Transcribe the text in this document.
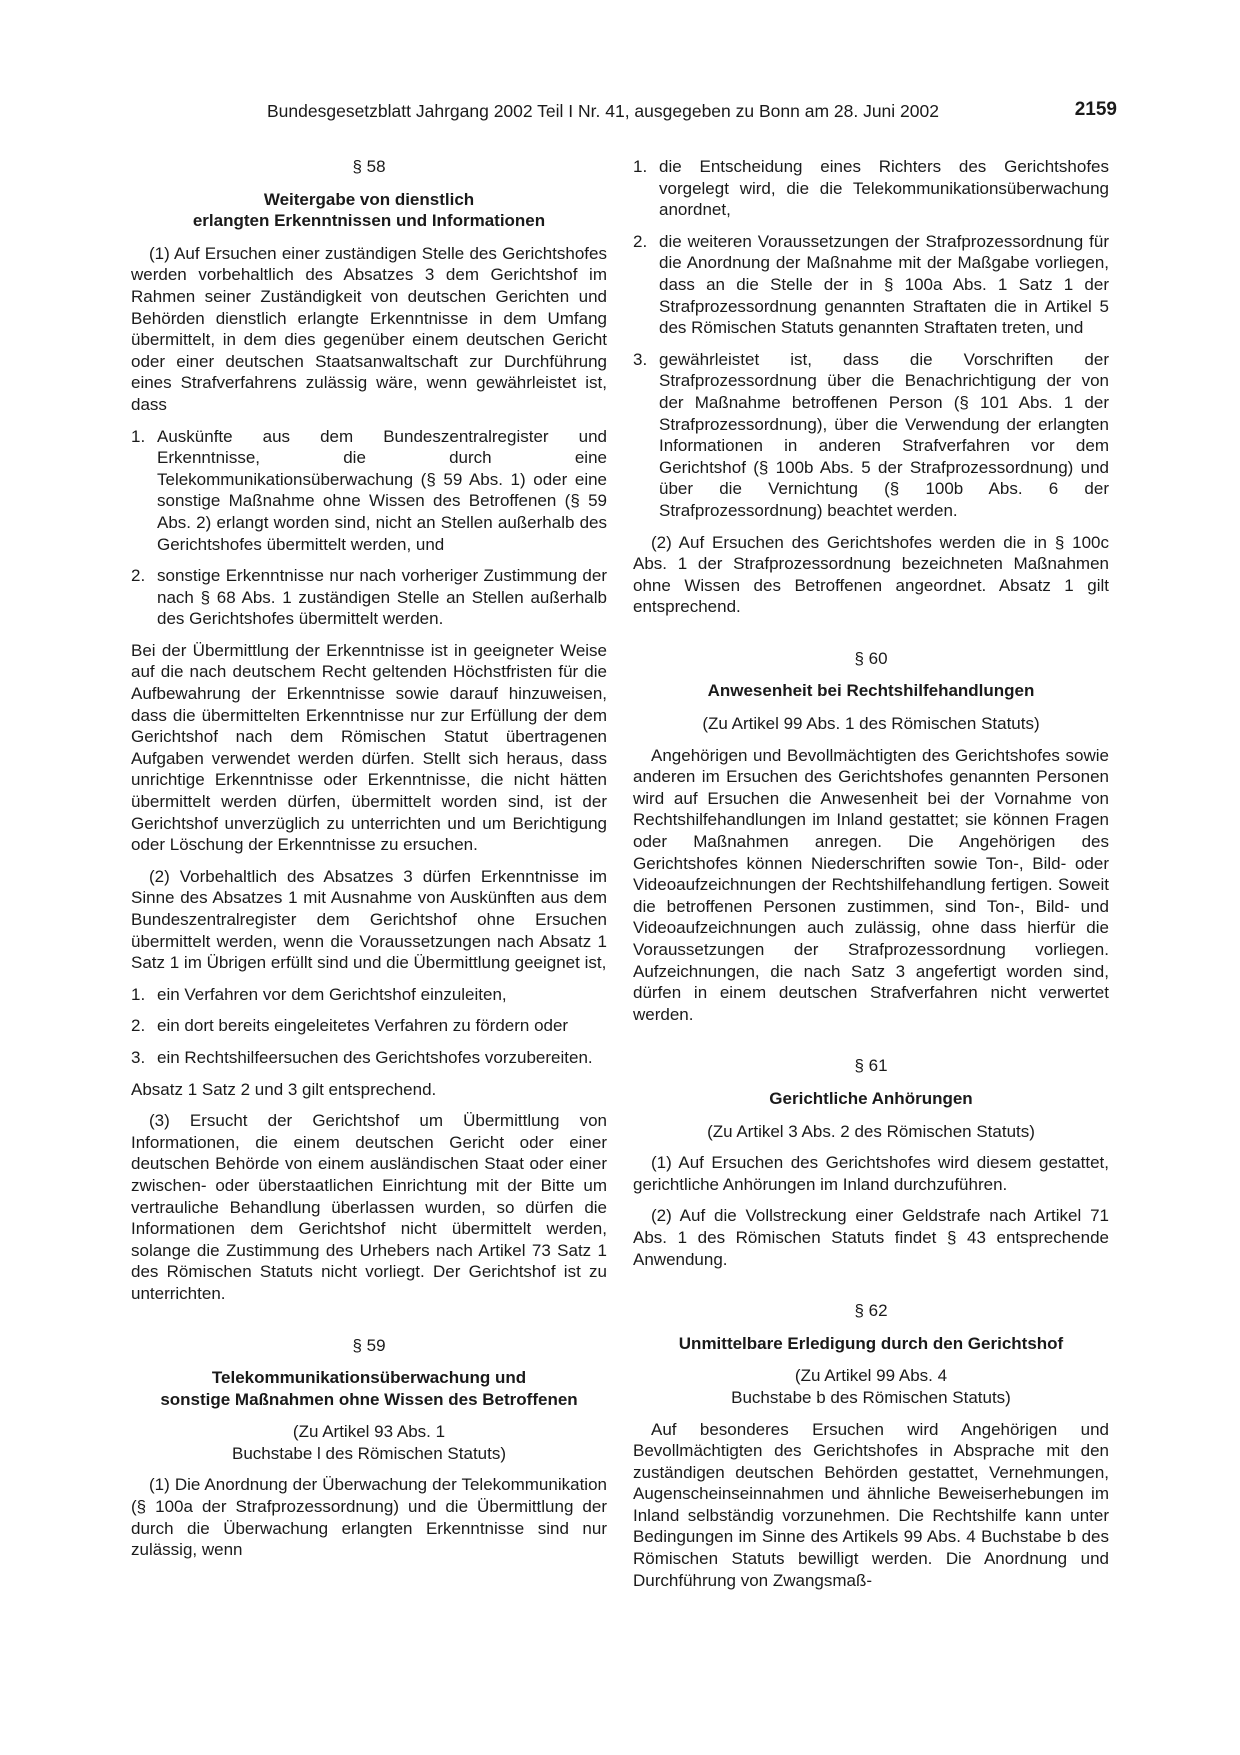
Bundesgesetzblatt Jahrgang 2002 Teil I Nr. 41, ausgegeben zu Bonn am 28. Juni 2002	2159
§ 58
Weitergabe von dienstlich
erlangten Erkenntnissen und Informationen

(1) Auf Ersuchen einer zuständigen Stelle des Gerichtshofes werden vorbehaltlich des Absatzes 3 dem Gerichtshof im Rahmen seiner Zuständigkeit von deutschen Gerichten und Behörden dienstlich erlangte Erkenntnisse in dem Umfang übermittelt, in dem dies gegenüber einem deutschen Gericht oder einer deutschen Staatsanwaltschaft zur Durchführung eines Strafverfahrens zulässig wäre, wenn gewährleistet ist, dass

1. Auskünfte aus dem Bundeszentralregister und Erkenntnisse, die durch eine Telekommunikationsüberwachung (§ 59 Abs. 1) oder eine sonstige Maßnahme ohne Wissen des Betroffenen (§ 59 Abs. 2) erlangt worden sind, nicht an Stellen außerhalb des Gerichtshofes übermittelt werden, und
2. sonstige Erkenntnisse nur nach vorheriger Zustimmung der nach § 68 Abs. 1 zuständigen Stelle an Stellen außerhalb des Gerichtshofes übermittelt werden.

Bei der Übermittlung der Erkenntnisse ist in geeigneter Weise auf die nach deutschem Recht geltenden Höchstfristen für die Aufbewahrung der Erkenntnisse sowie darauf hinzuweisen, dass die übermittelten Erkenntnisse nur zur Erfüllung der dem Gerichtshof nach dem Römischen Statut übertragenen Aufgaben verwendet werden dürfen. Stellt sich heraus, dass unrichtige Erkenntnisse oder Erkenntnisse, die nicht hätten übermittelt werden dürfen, übermittelt worden sind, ist der Gerichtshof unverzüglich zu unterrichten und um Berichtigung oder Löschung der Erkenntnisse zu ersuchen.

(2) Vorbehaltlich des Absatzes 3 dürfen Erkenntnisse im Sinne des Absatzes 1 mit Ausnahme von Auskünften aus dem Bundeszentralregister dem Gerichtshof ohne Ersuchen übermittelt werden, wenn die Voraussetzungen nach Absatz 1 Satz 1 im Übrigen erfüllt sind und die Übermittlung geeignet ist,

1. ein Verfahren vor dem Gerichtshof einzuleiten,
2. ein dort bereits eingeleitetes Verfahren zu fördern oder
3. ein Rechtshilfeersuchen des Gerichtshofes vorzubereiten.

Absatz 1 Satz 2 und 3 gilt entsprechend.

(3) Ersucht der Gerichtshof um Übermittlung von Informationen, die einem deutschen Gericht oder einer deutschen Behörde von einem ausländischen Staat oder einer zwischen- oder überstaatlichen Einrichtung mit der Bitte um vertrauliche Behandlung überlassen wurden, so dürfen die Informationen dem Gerichtshof nicht übermittelt werden, solange die Zustimmung des Urhebers nach Artikel 73 Satz 1 des Römischen Statuts nicht vorliegt. Der Gerichtshof ist zu unterrichten.

§ 59
Telekommunikationsüberwachung und
sonstige Maßnahmen ohne Wissen des Betroffenen
(Zu Artikel 93 Abs. 1
Buchstabe l des Römischen Statuts)

(1) Die Anordnung der Überwachung der Telekommunikation (§ 100a der Strafprozessordnung) und die Übermittlung der durch die Überwachung erlangten Erkenntnisse sind nur zulässig, wenn

1. die Entscheidung eines Richters des Gerichtshofes vorgelegt wird, die die Telekommunikationsüberwachung anordnet,
2. die weiteren Voraussetzungen der Strafprozessordnung für die Anordnung der Maßnahme mit der Maßgabe vorliegen, dass an die Stelle der in § 100a Abs. 1 Satz 1 der Strafprozessordnung genannten Straftaten die in Artikel 5 des Römischen Statuts genannten Straftaten treten, und
3. gewährleistet ist, dass die Vorschriften der Strafprozessordnung über die Benachrichtigung der von der Maßnahme betroffenen Person (§ 101 Abs. 1 der Strafprozessordnung), über die Verwendung der erlangten Informationen in anderen Strafverfahren vor dem Gerichtshof (§ 100b Abs. 5 der Strafprozessordnung) und über die Vernichtung (§ 100b Abs. 6 der Strafprozessordnung) beachtet werden.

(2) Auf Ersuchen des Gerichtshofes werden die in § 100c Abs. 1 der Strafprozessordnung bezeichneten Maßnahmen ohne Wissen des Betroffenen angeordnet. Absatz 1 gilt entsprechend.

§ 60
Anwesenheit bei Rechtshilfehandlungen
(Zu Artikel 99 Abs. 1 des Römischen Statuts)

Angehörigen und Bevollmächtigten des Gerichtshofes sowie anderen im Ersuchen des Gerichtshofes genannten Personen wird auf Ersuchen die Anwesenheit bei der Vornahme von Rechtshilfehandlungen im Inland gestattet; sie können Fragen oder Maßnahmen anregen. Die Angehörigen des Gerichtshofes können Niederschriften sowie Ton-, Bild- oder Videoaufzeichnungen der Rechtshilfehandlung fertigen. Soweit die betroffenen Personen zustimmen, sind Ton-, Bild- und Videoaufzeichnungen auch zulässig, ohne dass hierfür die Voraussetzungen der Strafprozessordnung vorliegen. Aufzeichnungen, die nach Satz 3 angefertigt worden sind, dürfen in einem deutschen Strafverfahren nicht verwertet werden.

§ 61
Gerichtliche Anhörungen
(Zu Artikel 3 Abs. 2 des Römischen Statuts)

(1) Auf Ersuchen des Gerichtshofes wird diesem gestattet, gerichtliche Anhörungen im Inland durchzuführen.

(2) Auf die Vollstreckung einer Geldstrafe nach Artikel 71 Abs. 1 des Römischen Statuts findet § 43 entsprechende Anwendung.

§ 62
Unmittelbare Erledigung durch den Gerichtshof
(Zu Artikel 99 Abs. 4
Buchstabe b des Römischen Statuts)

Auf besonderes Ersuchen wird Angehörigen und Bevollmächtigten des Gerichtshofes in Absprache mit den zuständigen deutschen Behörden gestattet, Vernehmungen, Augenscheinseinnahmen und ähnliche Beweiserhebungen im Inland selbständig vorzunehmen. Die Rechtshilfe kann unter Bedingungen im Sinne des Artikels 99 Abs. 4 Buchstabe b des Römischen Statuts bewilligt werden. Die Anordnung und Durchführung von Zwangsmaß-
